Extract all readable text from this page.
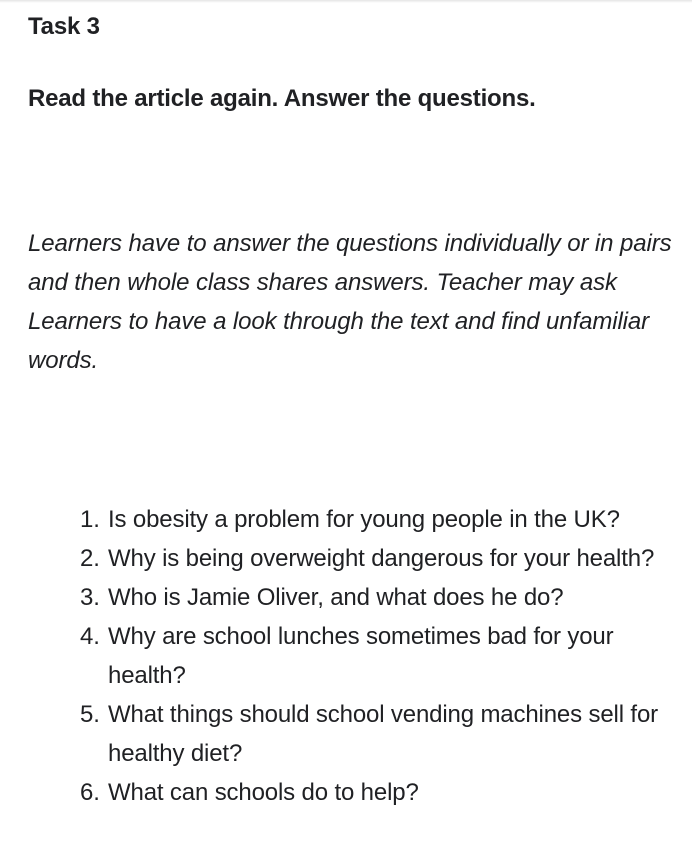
Task 3

Read the article again. Answer the questions.

Learners have to answer the questions individually or in pairs and then whole class shares answers. Teacher may ask Learners to have a look through the text and find unfamiliar words.

1. Is obesity a problem for young people in the UK?
2. Why is being overweight dangerous for your health?
3. Who is Jamie Oliver, and what does he do?
4. Why are school lunches sometimes bad for your health?
5. What things should school vending machines sell for healthy diet?
6. What can schools do to help?
